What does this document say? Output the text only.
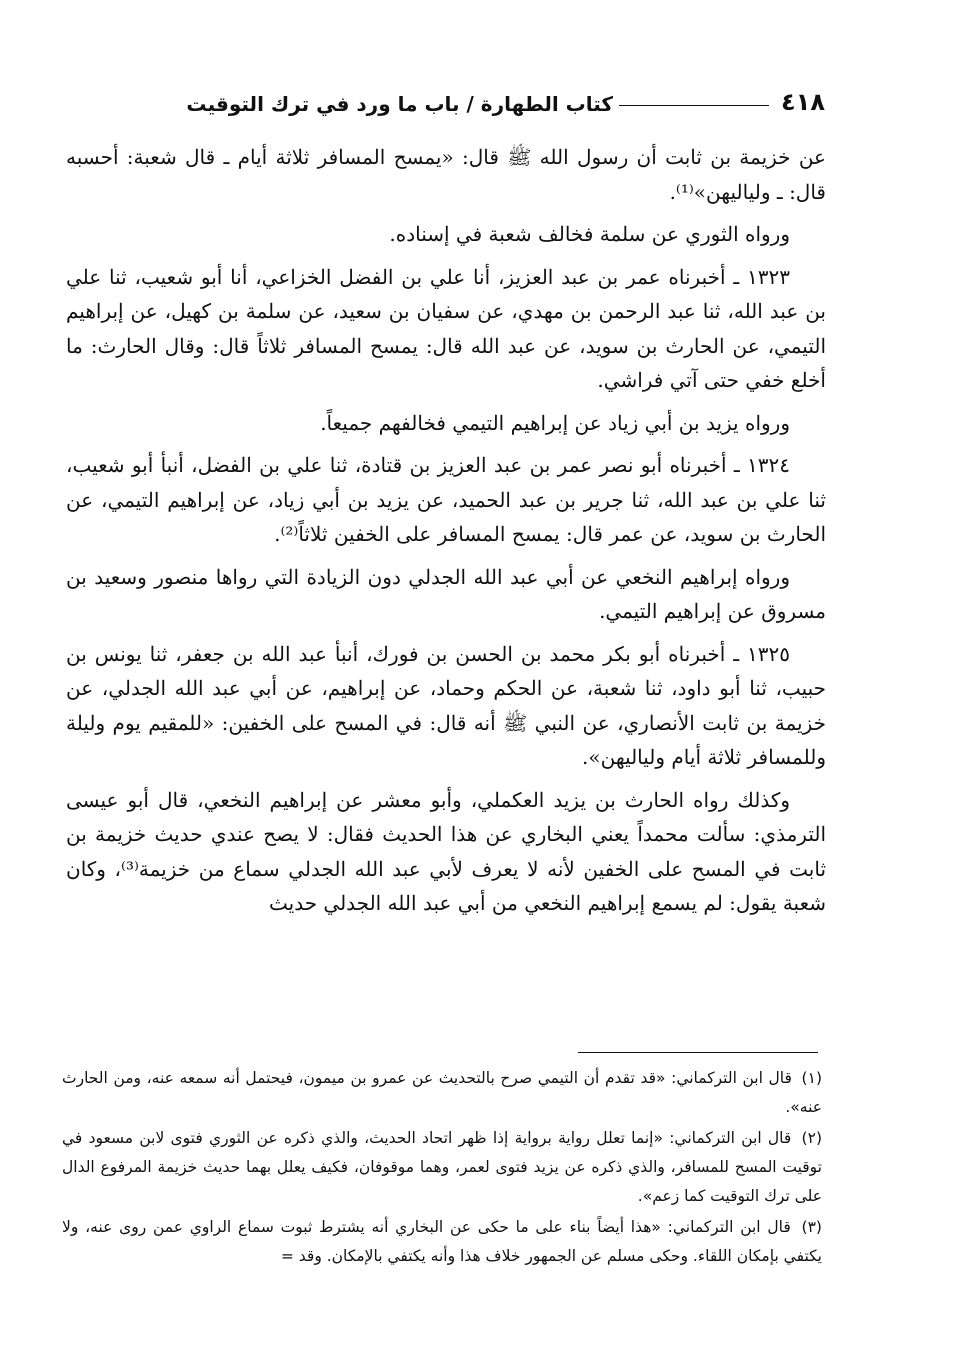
٤١٨
كتاب الطهارة / باب ما ورد في ترك التوقيت

عن خزيمة بن ثابت أن رسول الله ﷺ قال: «يمسح المسافر ثلاثة أيام ـ قال شعبة: أحسبه قال: ـ ولياليهن»⁽¹⁾.

ورواه الثوري عن سلمة فخالف شعبة في إسناده.

١٣٢٣ ـ أخبرناه عمر بن عبد العزيز، أنا علي بن الفضل الخزاعي، أنا أبو شعيب، ثنا علي بن عبد الله، ثنا عبد الرحمن بن مهدي، عن سفيان بن سعيد، عن سلمة بن كهيل، عن إبراهيم التيمي، عن الحارث بن سويد، عن عبد الله قال: يمسح المسافر ثلاثاً قال: وقال الحارث: ما أخلع خفي حتى آتي فراشي.

ورواه يزيد بن أبي زياد عن إبراهيم التيمي فخالفهم جميعاً.

١٣٢٤ ـ أخبرناه أبو نصر عمر بن عبد العزيز بن قتادة، ثنا علي بن الفضل، أنبأ أبو شعيب، ثنا علي بن عبد الله، ثنا جرير بن عبد الحميد، عن يزيد بن أبي زياد، عن إبراهيم التيمي، عن الحارث بن سويد، عن عمر قال: يمسح المسافر على الخفين ثلاثاً⁽²⁾.

ورواه إبراهيم النخعي عن أبي عبد الله الجدلي دون الزيادة التي رواها منصور وسعيد بن مسروق عن إبراهيم التيمي.

١٣٢٥ ـ أخبرناه أبو بكر محمد بن الحسن بن فورك، أنبأ عبد الله بن جعفر، ثنا يونس بن حبيب، ثنا أبو داود، ثنا شعبة، عن الحكم وحماد، عن إبراهيم، عن أبي عبد الله الجدلي، عن خزيمة بن ثابت الأنصاري، عن النبي ﷺ أنه قال: في المسح على الخفين: «للمقيم يوم وليلة وللمسافر ثلاثة أيام ولياليهن».

وكذلك رواه الحارث بن يزيد العكملي، وأبو معشر عن إبراهيم النخعي، قال أبو عيسى الترمذي: سألت محمداً يعني البخاري عن هذا الحديث فقال: لا يصح عندي حديث خزيمة بن ثابت في المسح على الخفين لأنه لا يعرف لأبي عبد الله الجدلي سماع من خزيمة⁽³⁾، وكان شعبة يقول: لم يسمع إبراهيم النخعي من أبي عبد الله الجدلي حديث

(١) قال ابن التركماني: «قد تقدم أن التيمي صرح بالتحديث عن عمرو بن ميمون، فيحتمل أنه سمعه عنه، ومن الحارث عنه».

(٢) قال ابن التركماني: «إنما تعلل رواية برواية إذا ظهر اتحاد الحديث، والذي ذكره عن الثوري فتوى لابن مسعود في توقيت المسح للمسافر، والذي ذكره عن يزيد فتوى لعمر، وهما موقوفان، فكيف يعلل بهما حديث خزيمة المرفوع الدال على ترك التوقيت كما زعم».

(٣) قال ابن التركماني: «هذا أيضاً بناء على ما حكى عن البخاري أنه يشترط ثبوت سماع الراوي عمن روى عنه، ولا يكتفي بإمكان اللقاء. وحكى مسلم عن الجمهور خلاف هذا وأنه يكتفي بالإمكان. وقد =
